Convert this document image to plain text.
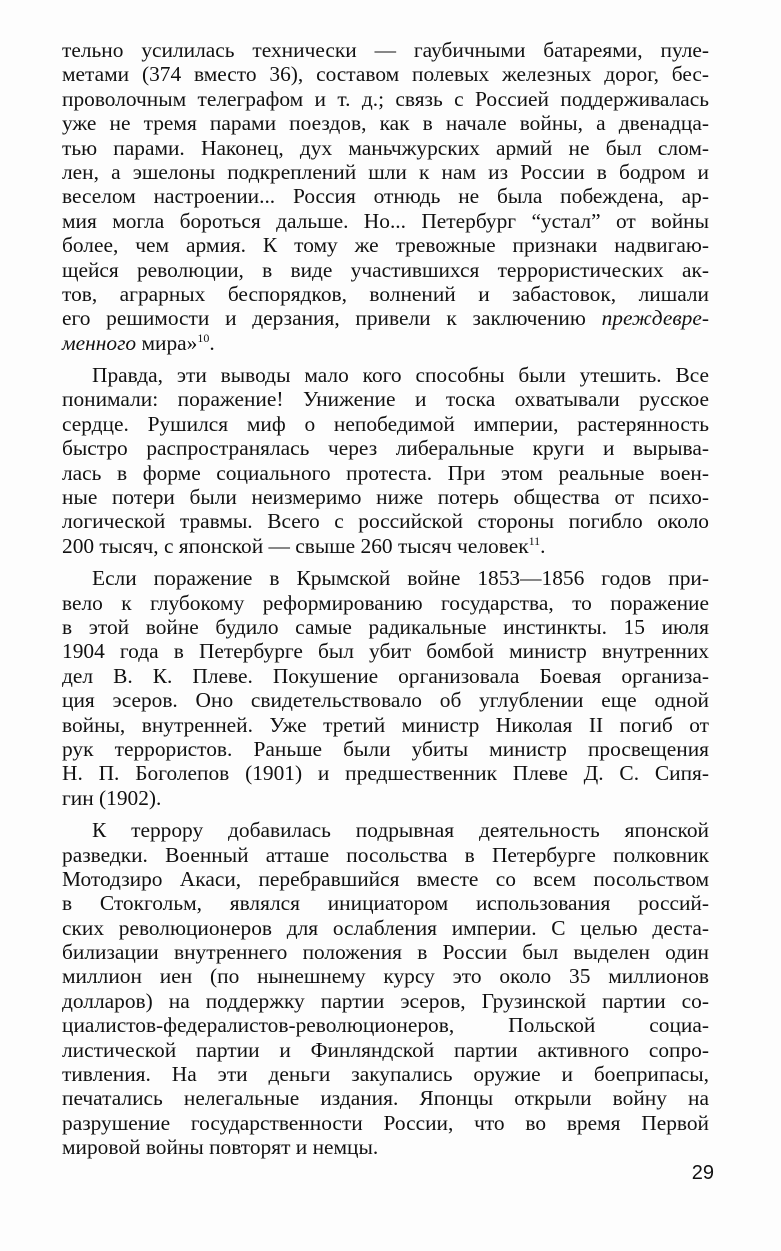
тельно усилилась технически — гаубичными батареями, пуле-
метами (374 вместо 36), составом полевых железных дорог, бес-
проволочным телеграфом и т. д.; связь с Россией поддерживалась
уже не тремя парами поездов, как в начале войны, а двенадца-
тью парами. Наконец, дух маньчжурских армий не был слом-
лен, а эшелоны подкреплений шли к нам из России в бодром и
веселом настроении... Россия отнюдь не была побеждена, ар-
мия могла бороться дальше. Но... Петербург “устал” от войны
более, чем армия. К тому же тревожные признаки надвигаю-
щейся революции, в виде участившихся террористических ак-
тов, аграрных беспорядков, волнений и забастовок, лишали
его решимости и дерзания, привели к заключению преждевре-
менного мира»$^{10}$.
Правда, эти выводы мало кого способны были утешить. Все
понимали: поражение! Унижение и тоска охватывали русское
сердце. Рушился миф о непобедимой империи, растерянность
быстро распространялась через либеральные круги и вырыва-
лась в форме социального протеста. При этом реальные воен-
ные потери были неизмеримо ниже потерь общества от психо-
логической травмы. Всего с российской стороны погибло около
200 тысяч, с японской — свыше 260 тысяч человек$^{11}$.
Если поражение в Крымской войне 1853—1856 годов при-
вело к глубокому реформированию государства, то поражение
в этой войне будило самые радикальные инстинкты. 15 июля
1904 года в Петербурге был убит бомбой министр внутренних
дел В. К. Плеве. Покушение организовала Боевая организа-
ция эсеров. Оно свидетельствовало об углублении еще одной
войны, внутренней. Уже третий министр Николая II погиб от
рук террористов. Раньше были убиты министр просвещения
Н. П. Боголепов (1901) и предшественник Плеве Д. С. Сипя-
гин (1902).
К террору добавилась подрывная деятельность японской
разведки. Военный атташе посольства в Петербурге полковник
Мотодзиро Акаси, перебравшийся вместе со всем посольством
в Стокгольм, являлся инициатором использования россий-
ских революционеров для ослабления империи. С целью деста-
билизации внутреннего положения в России был выделен один
миллион иен (по нынешнему курсу это около 35 миллионов
долларов) на поддержку партии эсеров, Грузинской партии со-
циалистов-федералистов-революционеров, Польской социа-
листической партии и Финляндской партии активного сопро-
тивления. На эти деньги закупались оружие и боеприпасы,
печатались нелегальные издания. Японцы открыли войну на
разрушение государственности России, что во время Первой
мировой войны повторят и немцы.
29
